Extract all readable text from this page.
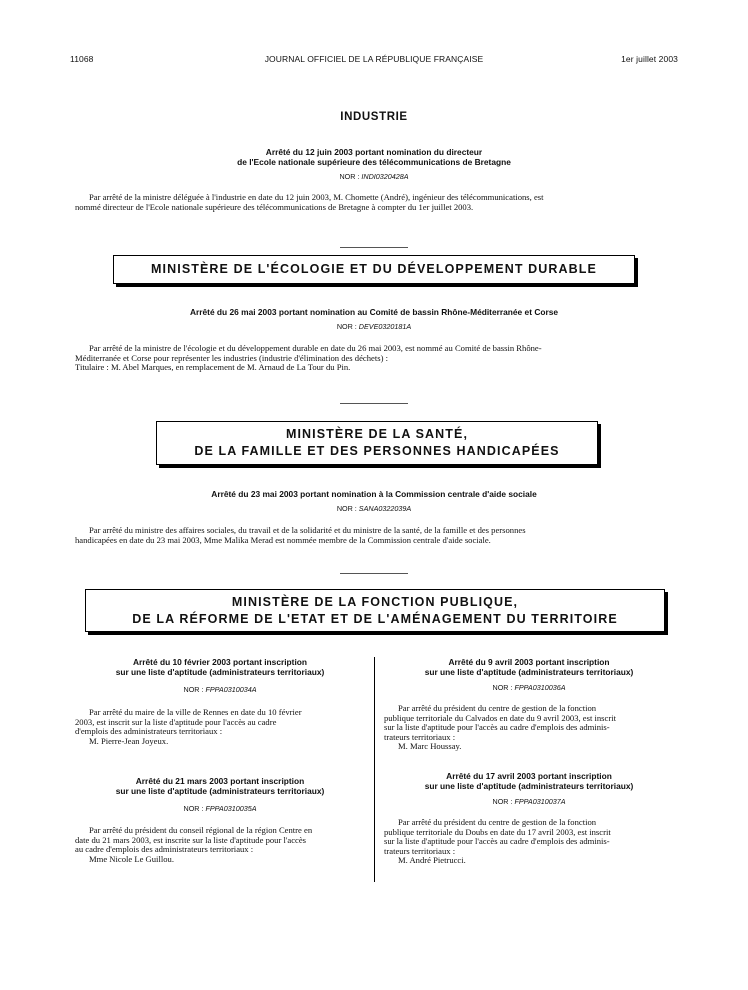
11068	JOURNAL OFFICIEL DE LA RÉPUBLIQUE FRANÇAISE	1er juillet 2003
INDUSTRIE
Arrêté du 12 juin 2003 portant nomination du directeur
de l'Ecole nationale supérieure des télécommunications de Bretagne
NOR : INDI0320428A

Par arrêté de la ministre déléguée à l'industrie en date du 12 juin 2003, M. Chomette (André), ingénieur des télécommunications, est

nommé directeur de l'Ecole nationale supérieure des télécommunications de Bretagne à compter du 1er juillet 2003.

MINISTÈRE DE L'ÉCOLOGIE ET DU DÉVELOPPEMENT DURABLE
Arrêté du 26 mai 2003 portant nomination au Comité de bassin Rhône-Méditerranée et Corse
NOR : DEVE0320181A

Par arrêté de la ministre de l'écologie et du développement durable en date du 26 mai 2003, est nommé au Comité de bassin Rhône-

Méditerranée et Corse pour représenter les industries (industrie d'élimination des déchets) :

Titulaire : M. Abel Marques, en remplacement de M. Arnaud de La Tour du Pin.

MINISTÈRE DE LA SANTÉ,
DE LA FAMILLE ET DES PERSONNES HANDICAPÉES
Arrêté du 23 mai 2003 portant nomination à la Commission centrale d'aide sociale
NOR : SANA0322039A

Par arrêté du ministre des affaires sociales, du travail et de la solidarité et du ministre de la santé, de la famille et des personnes

handicapées en date du 23 mai 2003, Mme Malika Merad est nommée membre de la Commission centrale d'aide sociale.

MINISTÈRE DE LA FONCTION PUBLIQUE,
DE LA RÉFORME DE L'ETAT ET DE L'AMÉNAGEMENT DU TERRITOIRE
Arrêté du 10 février 2003 portant inscription
sur une liste d'aptitude (administrateurs territoriaux)
NOR : FPPA0310034A

Par arrêté du maire de la ville de Rennes en date du 10 février

2003, est inscrit sur la liste d'aptitude pour l'accès au cadre

d'emplois des administrateurs territoriaux :

M. Pierre-Jean Joyeux.

Arrêté du 21 mars 2003 portant inscription
sur une liste d'aptitude (administrateurs territoriaux)
NOR : FPPA0310035A

Par arrêté du président du conseil régional de la région Centre en

date du 21 mars 2003, est inscrite sur la liste d'aptitude pour l'accès

au cadre d'emplois des administrateurs territoriaux :

Mme Nicole Le Guillou.

Arrêté du 9 avril 2003 portant inscription
sur une liste d'aptitude (administrateurs territoriaux)
NOR : FPPA0310036A

Par arrêté du président du centre de gestion de la fonction

publique territoriale du Calvados en date du 9 avril 2003, est inscrit

sur la liste d'aptitude pour l'accès au cadre d'emplois des adminis-

trateurs territoriaux :

M. Marc Houssay.

Arrêté du 17 avril 2003 portant inscription
sur une liste d'aptitude (administrateurs territoriaux)
NOR : FPPA0310037A

Par arrêté du président du centre de gestion de la fonction

publique territoriale du Doubs en date du 17 avril 2003, est inscrit

sur la liste d'aptitude pour l'accès au cadre d'emplois des adminis-

trateurs territoriaux :

M. André Pietrucci.
